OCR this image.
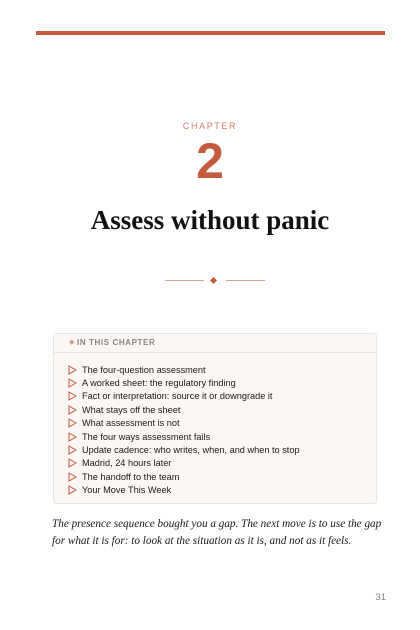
CHAPTER
2
Assess without panic
◆ IN THIS CHAPTER
The four-question assessment
A worked sheet: the regulatory finding
Fact or interpretation: source it or downgrade it
What stays off the sheet
What assessment is not
The four ways assessment fails
Update cadence: who writes, when, and when to stop
Madrid, 24 hours later
The handoff to the team
Your Move This Week

The presence sequence bought you a gap. The next move is to use the gap for what it is for: to look at the situation as it is, and not as it feels.

31
